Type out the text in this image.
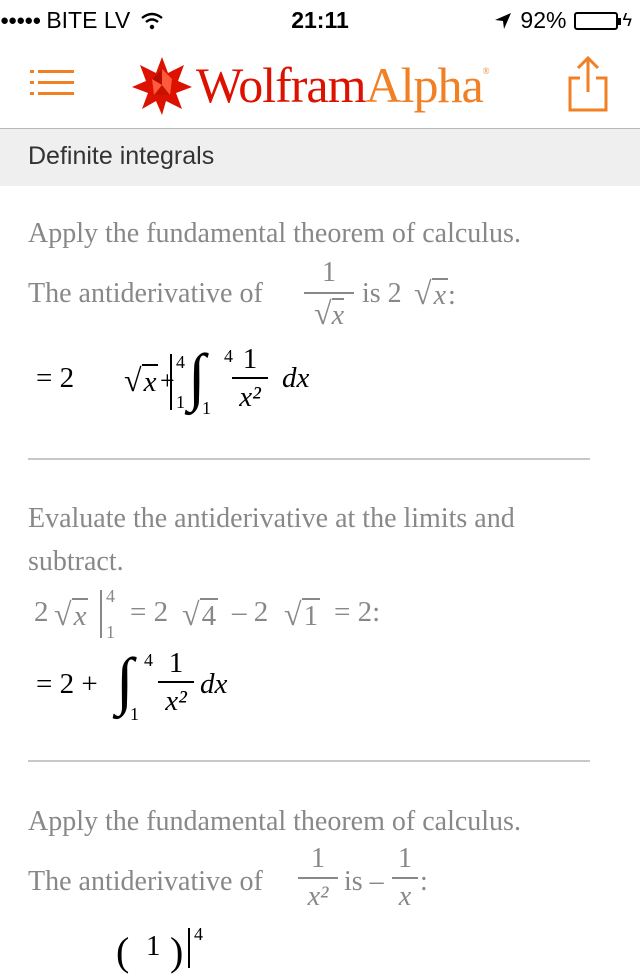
●●●●● BITE LV	21:11	92%	ϟ
WolframAlpha®
Definite integrals
Apply the fundamental theorem of calculus.
The antiderivative of
1
√x
is 2 √x:
= 2 √x
4
1
+ ∫ 4
1
1
x²
dx
Evaluate the antiderivative at the limits and
subtract.
2 √x
4
1
= 2 √4 – 2 √1 = 2:
= 2 + ∫ 4
1
1
x²
dx
Apply the fundamental theorem of calculus.
The antiderivative of
1
x² is –
1
x :
( 1 ) 4
